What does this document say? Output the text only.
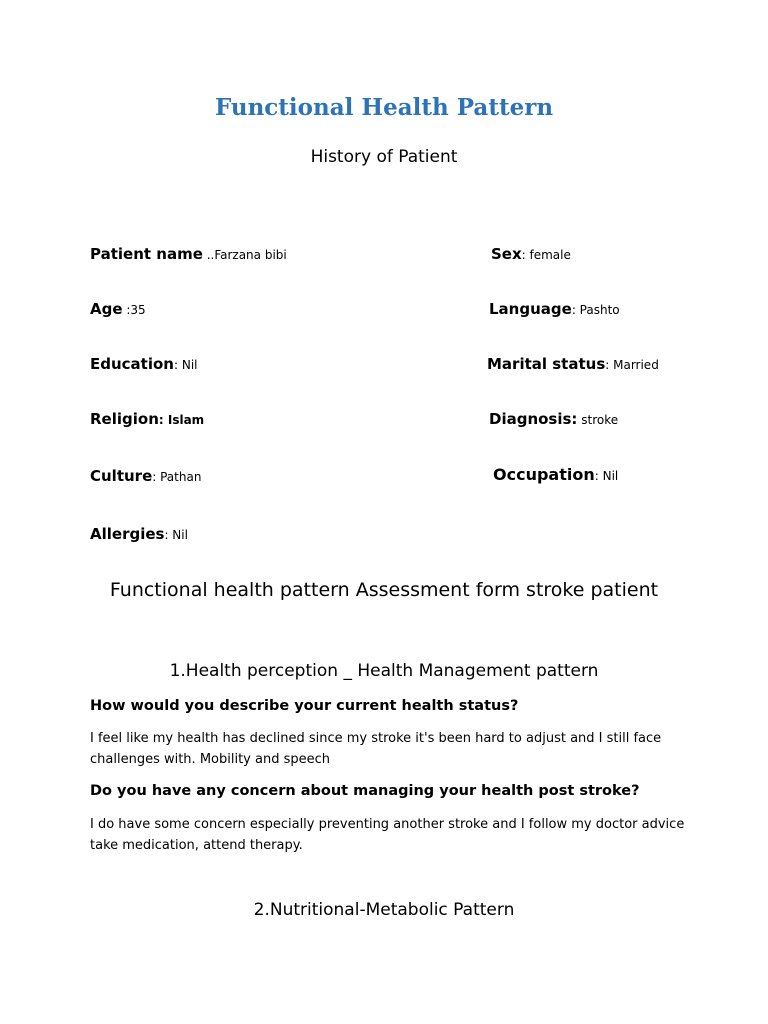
Functional Health Pattern
History of Patient
Patient name ..Farzana bibi	Sex: female
Age :35	Language: Pashto
Education: Nil	Marital status: Married
Religion: Islam	Diagnosis: stroke
Culture: Pathan	Occupation: Nil
Allergies: Nil
Functional health pattern Assessment form stroke patient
1.Health perception _ Health Management pattern
How would you describe your current health status?
I feel like my health has declined since my stroke it's been hard to adjust and I still face challenges with. Mobility and speech
Do you have any concern about managing your health post stroke?
I do have some concern especially preventing another stroke and I follow my doctor advice take medication, attend therapy.
2.Nutritional-Metabolic Pattern
